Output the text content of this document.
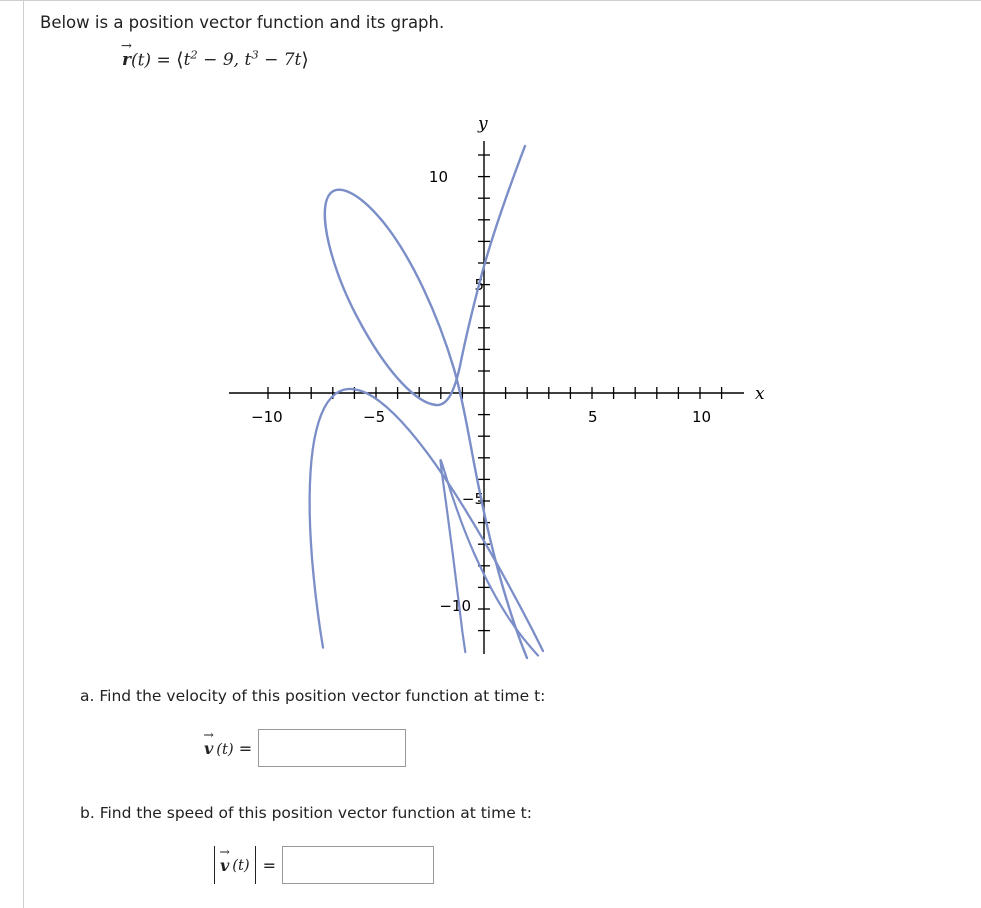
Below is a position vector function and its graph.
→
$r(t) = ⟨t^2 - 9$, $t^3$ − 7t⟩
x
y
−10	−5	5	10
10
5
−5
−10
a. Find the velocity of this position vector function at time t:
→
v (t) =
b. Find the speed of this position vector function at time t:
→
v  (t) =
